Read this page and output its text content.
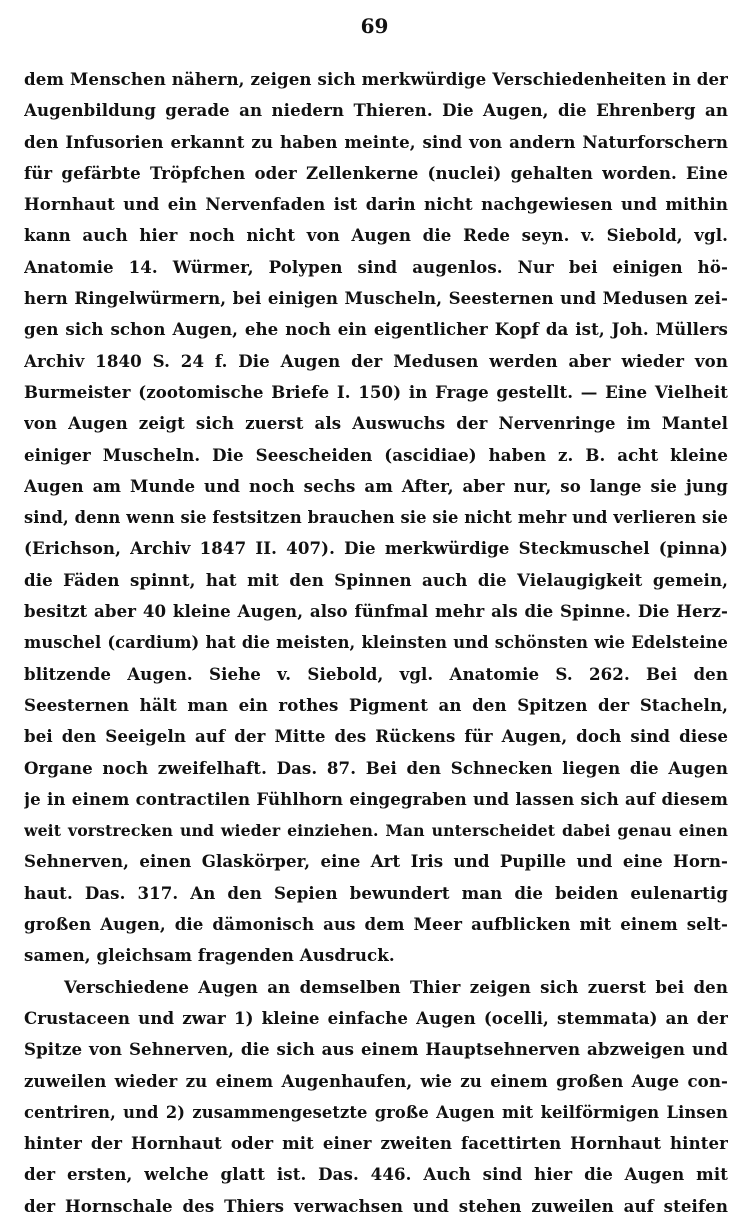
69
dem Menschen nähern, zeigen sich merkwürdige Verschiedenheiten in der
Augenbildung gerade an niedern Thieren. Die Augen, die Ehrenberg an
den Infusorien erkannt zu haben meinte, sind von andern Naturforschern
für gefärbte Tröpfchen oder Zellenkerne (nuclei) gehalten worden. Eine
Hornhaut und ein Nervenfaden ist darin nicht nachgewiesen und mithin
kann auch hier noch nicht von Augen die Rede seyn. v. Siebold, vgl.
Anatomie 14. Würmer, Polypen sind augenlos. Nur bei einigen hö-
hern Ringelwürmern, bei einigen Muscheln, Seesternen und Medusen zei-
gen sich schon Augen, ehe noch ein eigentlicher Kopf da ist, Joh. Müllers
Archiv 1840 S. 24 f. Die Augen der Medusen werden aber wieder von
Burmeister (zootomische Briefe I. 150) in Frage gestellt. — Eine Vielheit
von Augen zeigt sich zuerst als Auswuchs der Nervenringe im Mantel
einiger Muscheln. Die Seescheiden (ascidiae) haben z. B. acht kleine
Augen am Munde und noch sechs am After, aber nur, so lange sie jung
sind, denn wenn sie festsitzen brauchen sie sie nicht mehr und verlieren sie
(Erichson, Archiv 1847 II. 407). Die merkwürdige Steckmuschel (pinna)
die Fäden spinnt, hat mit den Spinnen auch die Vielaugigkeit gemein,
besitzt aber 40 kleine Augen, also fünfmal mehr als die Spinne. Die Herz-
muschel (cardium) hat die meisten, kleinsten und schönsten wie Edelsteine
blitzende Augen. Siehe v. Siebold, vgl. Anatomie S. 262. Bei den
Seesternen hält man ein rothes Pigment an den Spitzen der Stacheln,
bei den Seeigeln auf der Mitte des Rückens für Augen, doch sind diese
Organe noch zweifelhaft. Das. 87. Bei den Schnecken liegen die Augen
je in einem contractilen Fühlhorn eingegraben und lassen sich auf diesem
weit vorstrecken und wieder einziehen. Man unterscheidet dabei genau einen
Sehnerven, einen Glaskörper, eine Art Iris und Pupille und eine Horn-
haut. Das. 317. An den Sepien bewundert man die beiden eulenartig
großen Augen, die dämonisch aus dem Meer aufblicken mit einem selt-
samen, gleichsam fragenden Ausdruck.
Verschiedene Augen an demselben Thier zeigen sich zuerst bei den
Crustaceen und zwar 1) kleine einfache Augen (ocelli, stemmata) an der
Spitze von Sehnerven, die sich aus einem Hauptsehnerven abzweigen und
zuweilen wieder zu einem Augenhaufen, wie zu einem großen Auge con-
centriren, und 2) zusammengesetzte große Augen mit keilförmigen Linsen
hinter der Hornhaut oder mit einer zweiten facettirten Hornhaut hinter
der ersten, welche glatt ist. Das. 446. Auch sind hier die Augen mit
der Hornschale des Thiers verwachsen und stehen zuweilen auf steifen
